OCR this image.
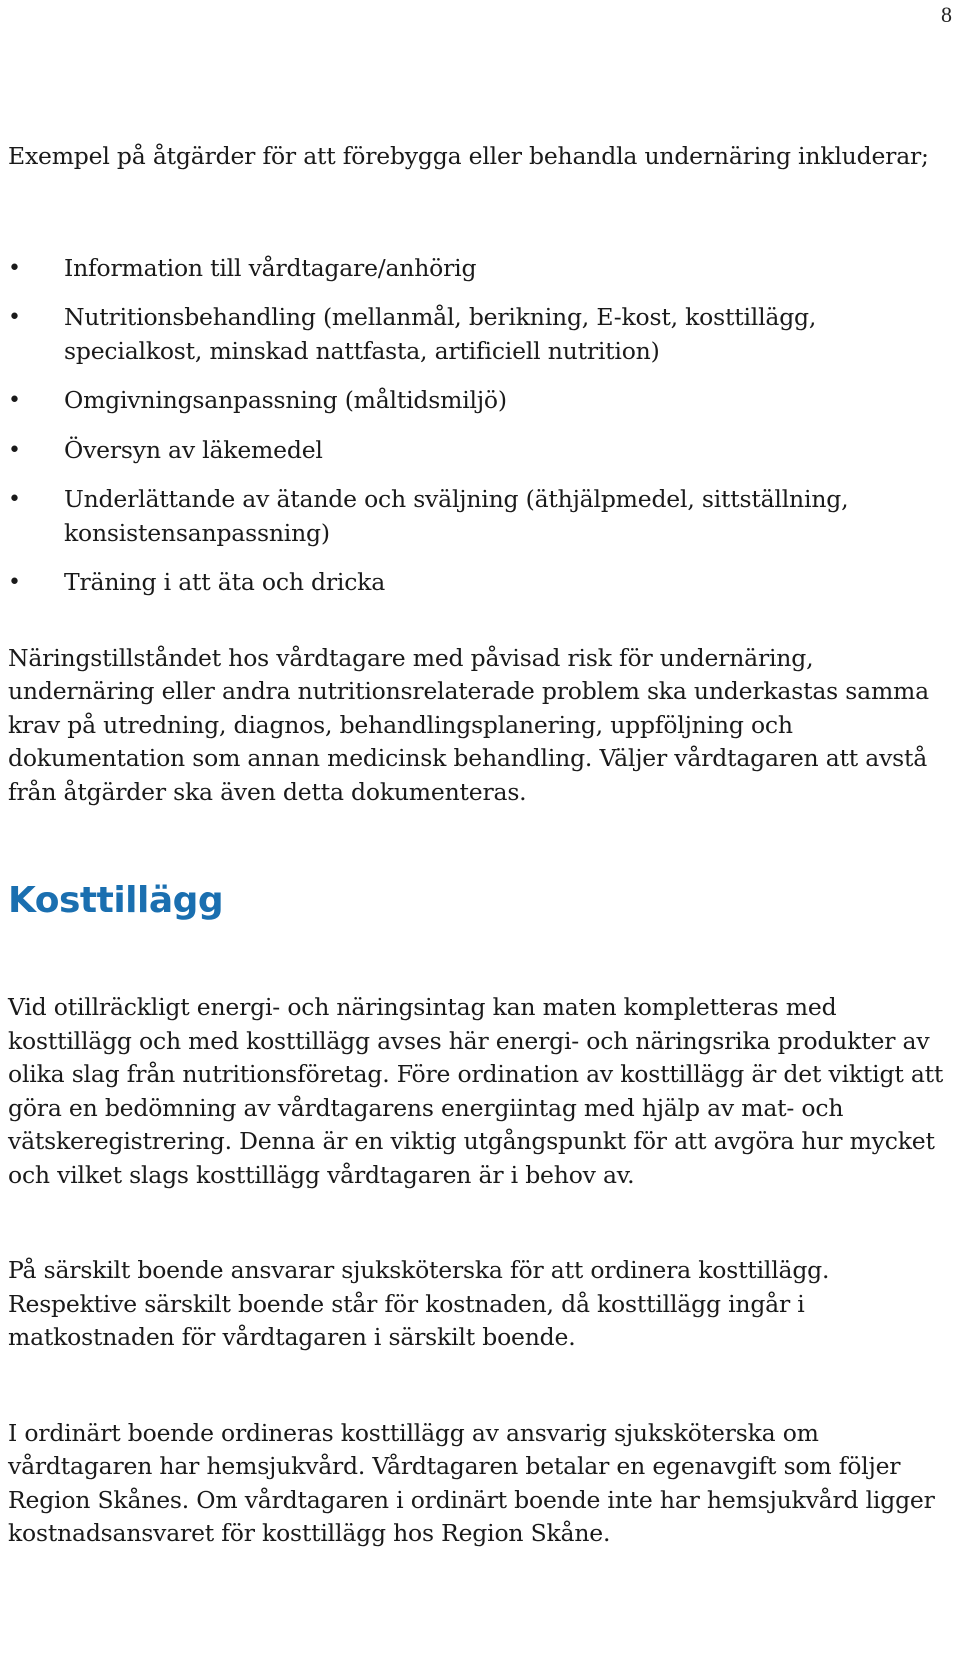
8

Exempel på åtgärder för att förebygga eller behandla undernäring inkluderar;

• Information till vårdtagare/anhörig
• Nutritionsbehandling (mellanmål, berikning, E-kost, kosttillägg, specialkost, minskad nattfasta, artificiell nutrition)
• Omgivningsanpassning (måltidsmiljö)
• Översyn av läkemedel
• Underlättande av ätande och sväljning (äthjälpmedel, sittställning, konsistensanpassning)
• Träning i att äta och dricka

Näringstillståndet hos vårdtagare med påvisad risk för undernäring, undernäring eller andra nutritionsrelaterade problem ska underkastas samma krav på utredning, diagnos, behandlingsplanering, uppföljning och dokumentation som annan medicinsk behandling. Väljer vårdtagaren att avstå från åtgärder ska även detta dokumenteras.

Kosttillägg

Vid otillräckligt energi- och näringsintag kan maten kompletteras med kosttillägg och med kosttillägg avses här energi- och näringsrika produkter av olika slag från nutritionsföretag. Före ordination av kosttillägg är det viktigt att göra en bedömning av vårdtagarens energiintag med hjälp av mat- och vätskeregistrering. Denna är en viktig utgångspunkt för att avgöra hur mycket och vilket slags kosttillägg vårdtagaren är i behov av.

På särskilt boende ansvarar sjuksköterska för att ordinera kosttillägg. Respektive särskilt boende står för kostnaden, då kosttillägg ingår i matkostnaden för vårdtagaren i särskilt boende.

I ordinärt boende ordineras kosttillägg av ansvarig sjuksköterska om vårdtagaren har hemsjukvård. Vårdtagaren betalar en egenavgift som följer Region Skånes. Om vårdtagaren i ordinärt boende inte har hemsjukvård ligger kostnadsansvaret för kosttillägg hos Region Skåne.
